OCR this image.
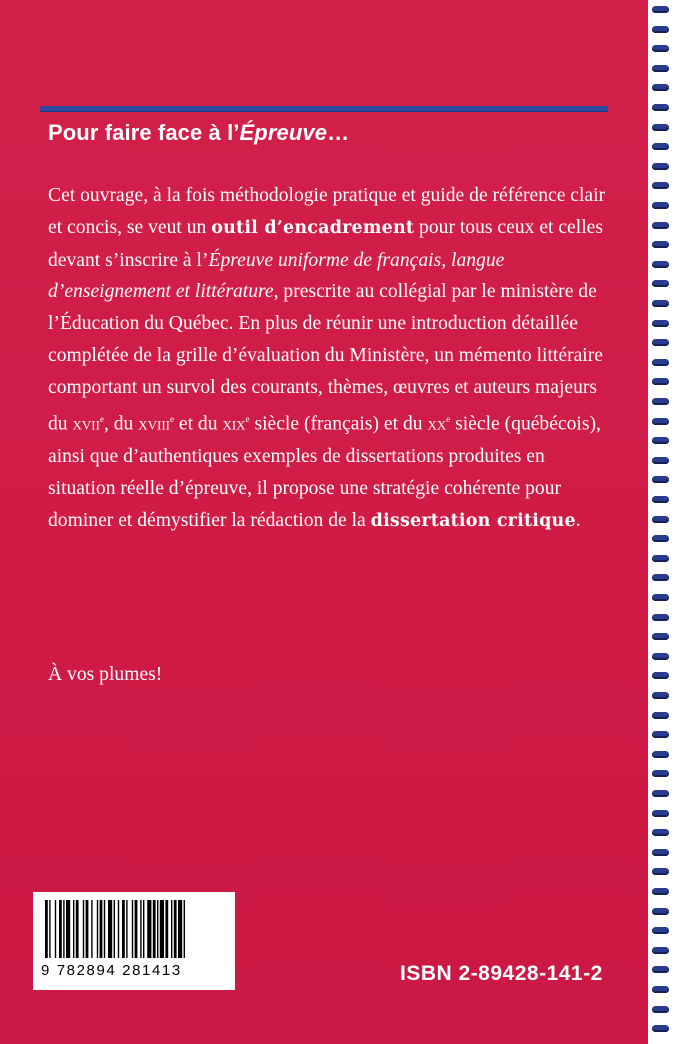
Pour faire face à l’Épreuve…
Cet ouvrage, à la fois méthodologie pratique et guide de référence clair et concis, se veut un outil d’encadrement pour tous ceux et celles devant s’inscrire à l’Épreuve uniforme de français, langue d’enseignement et littérature, prescrite au collégial par le ministère de l’Éducation du Québec. En plus de réunir une introduction détaillée complétée de la grille d’évaluation du Ministère, un mémento littéraire comportant un survol des courants, thèmes, œuvres et auteurs majeurs du XVIIe, du XVIIIe et du XIXe siècle (français) et du XXe siècle (québécois), ainsi que d’authentiques exemples de dissertations produites en situation réelle d’épreuve, il propose une stratégie cohérente pour dominer et démystifier la rédaction de la dissertation critique.
À vos plumes!
9 782894 281413	ISBN 2-89428-141-2
